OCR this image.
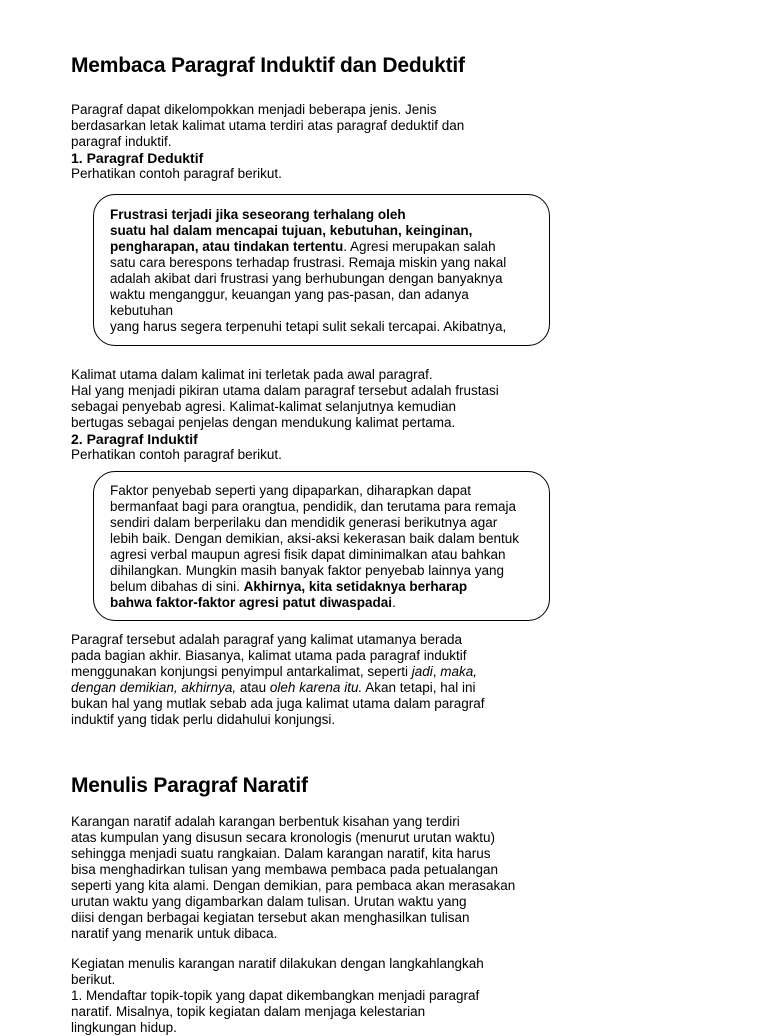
Membaca Paragraf Induktif dan Deduktif
Paragraf dapat dikelompokkan menjadi beberapa jenis. Jenis
berdasarkan letak kalimat utama terdiri atas paragraf deduktif dan
paragraf induktif.
1. Paragraf Deduktif
Perhatikan contoh paragraf berikut.
Frustrasi terjadi jika seseorang terhalang oleh
suatu hal dalam mencapai tujuan, kebutuhan, keinginan,
pengharapan, atau tindakan tertentu. Agresi merupakan salah
satu cara berespons terhadap frustrasi. Remaja miskin yang nakal
adalah akibat dari frustrasi yang berhubungan dengan banyaknya
waktu menganggur, keuangan yang pas-pasan, dan adanya
kebutuhan
yang harus segera terpenuhi tetapi sulit sekali tercapai. Akibatnya,
Kalimat utama dalam kalimat ini terletak pada awal paragraf.
Hal yang menjadi pikiran utama dalam paragraf tersebut adalah frustasi
sebagai penyebab agresi. Kalimat-kalimat selanjutnya kemudian
bertugas sebagai penjelas dengan mendukung kalimat pertama.
2. Paragraf Induktif
Perhatikan contoh paragraf berikut.
Faktor penyebab seperti yang dipaparkan, diharapkan dapat
bermanfaat bagi para orangtua, pendidik, dan terutama para remaja
sendiri dalam berperilaku dan mendidik generasi berikutnya agar
lebih baik. Dengan demikian, aksi-aksi kekerasan baik dalam bentuk
agresi verbal maupun agresi fisik dapat diminimalkan atau bahkan
dihilangkan. Mungkin masih banyak faktor penyebab lainnya yang
belum dibahas di sini. Akhirnya, kita setidaknya berharap
bahwa faktor-faktor agresi patut diwaspadai.
Paragraf tersebut adalah paragraf yang kalimat utamanya berada
pada bagian akhir. Biasanya, kalimat utama pada paragraf induktif
menggunakan konjungsi penyimpul antarkalimat, seperti jadi, maka,
dengan demikian, akhirnya, atau oleh karena itu. Akan tetapi, hal ini
bukan hal yang mutlak sebab ada juga kalimat utama dalam paragraf
induktif yang tidak perlu didahului konjungsi.
Menulis Paragraf Naratif
Karangan naratif adalah karangan berbentuk kisahan yang terdiri
atas kumpulan yang disusun secara kronologis (menurut urutan waktu)
sehingga menjadi suatu rangkaian. Dalam karangan naratif, kita harus
bisa menghadirkan tulisan yang membawa pembaca pada petualangan
seperti yang kita alami. Dengan demikian, para pembaca akan merasakan
urutan waktu yang digambarkan dalam tulisan. Urutan waktu yang
diisi dengan berbagai kegiatan tersebut akan menghasilkan tulisan
naratif yang menarik untuk dibaca.
Kegiatan menulis karangan naratif dilakukan dengan langkahlangkah
berikut.
1. Mendaftar topik-topik yang dapat dikembangkan menjadi paragraf
naratif. Misalnya, topik kegiatan dalam menjaga kelestarian
lingkungan hidup.
